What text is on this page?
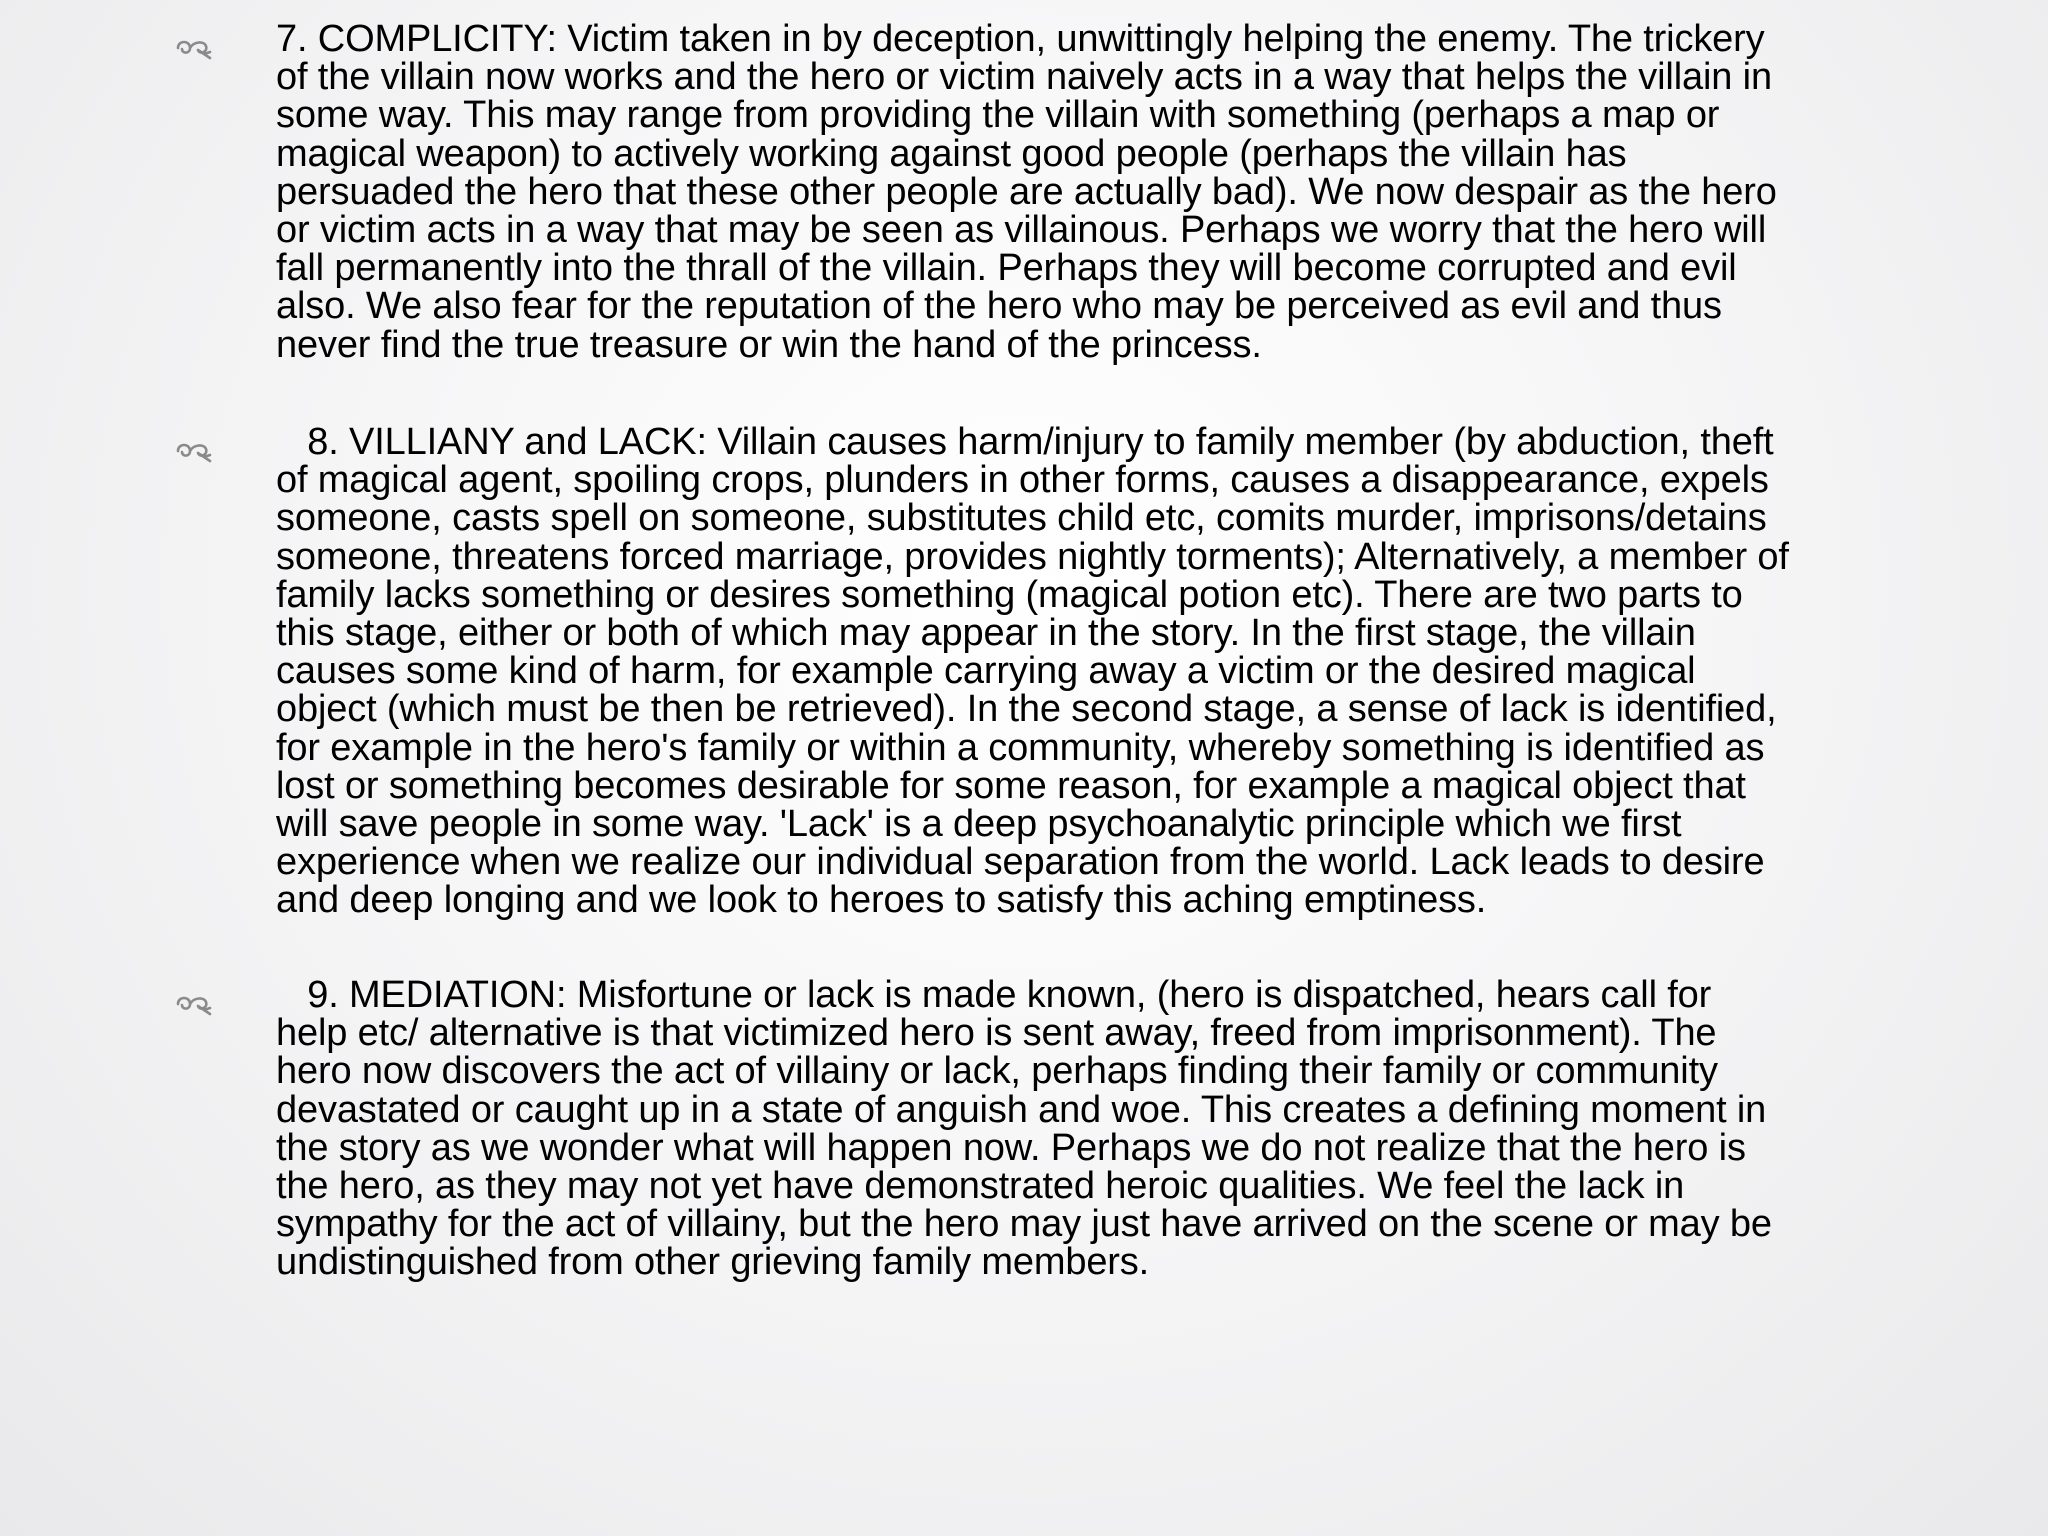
7. COMPLICITY: Victim taken in by deception, unwittingly helping the enemy. The trickery
of the villain now works and the hero or victim naively acts in a way that helps the villain in
some way. This may range from providing the villain with something (perhaps a map or
magical weapon) to actively working against good people (perhaps the villain has
persuaded the hero that these other people are actually bad). We now despair as the hero
or victim acts in a way that may be seen as villainous. Perhaps we worry that the hero will
fall permanently into the thrall of the villain. Perhaps they will become corrupted and evil
also. We also fear for the reputation of the hero who may be perceived as evil and thus
never find the true treasure or win the hand of the princess.

8. VILLIANY and LACK: Villain causes harm/injury to family member (by abduction, theft
of magical agent, spoiling crops, plunders in other forms, causes a disappearance, expels
someone, casts spell on someone, substitutes child etc, comits murder, imprisons/detains
someone, threatens forced marriage, provides nightly torments); Alternatively, a member of
family lacks something or desires something (magical potion etc). There are two parts to
this stage, either or both of which may appear in the story. In the first stage, the villain
causes some kind of harm, for example carrying away a victim or the desired magical
object (which must be then be retrieved). In the second stage, a sense of lack is identified,
for example in the hero's family or within a community, whereby something is identified as
lost or something becomes desirable for some reason, for example a magical object that
will save people in some way. 'Lack' is a deep psychoanalytic principle which we first
experience when we realize our individual separation from the world. Lack leads to desire
and deep longing and we look to heroes to satisfy this aching emptiness.

9. MEDIATION: Misfortune or lack is made known, (hero is dispatched, hears call for
help etc/ alternative is that victimized hero is sent away, freed from imprisonment). The
hero now discovers the act of villainy or lack, perhaps finding their family or community
devastated or caught up in a state of anguish and woe. This creates a defining moment in
the story as we wonder what will happen now. Perhaps we do not realize that the hero is
the hero, as they may not yet have demonstrated heroic qualities. We feel the lack in
sympathy for the act of villainy, but the hero may just have arrived on the scene or may be
undistinguished from other grieving family members.
